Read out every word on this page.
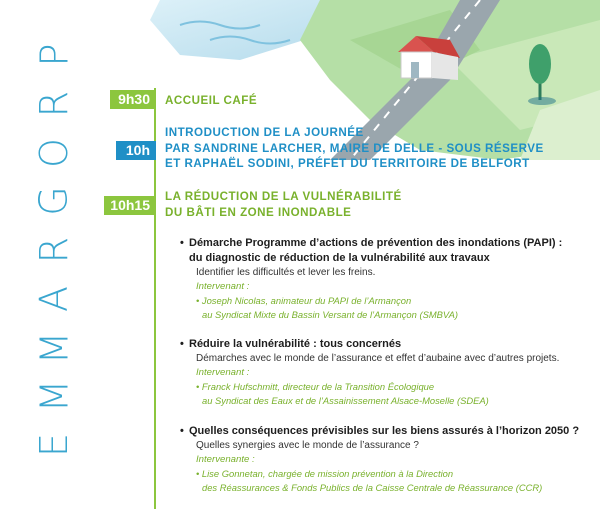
P
R
O
G
R
A
M
M
E
9h30	ACCUEIL CAFÉ
10h
INTRODUCTION DE LA JOURNÉE
PAR SANDRINE LARCHER, MAIRE DE DELLE - SOUS RÉSERVE
ET RAPHAËL SODINI, PRÉFET DU TERRITOIRE DE BELFORT
10h15
LA RÉDUCTION DE LA VULNÉRABILITÉ
DU BÂTI EN ZONE INONDABLE
• Démarche Programme d’actions de prévention des inondations (PAPI) :
du diagnostic de réduction de la vulnérabilité aux travaux
Identifier les difficultés et lever les freins.
Intervenant :
• Joseph Nicolas, animateur du PAPI de l’Armançon
au Syndicat Mixte du Bassin Versant de l’Armançon (SMBVA)
• Réduire la vulnérabilité : tous concernés
Démarches avec le monde de l’assurance et effet d’aubaine avec d’autres projets.
Intervenant :
• Franck Hufschmitt, directeur de la Transition Écologique
au Syndicat des Eaux et de l’Assainissement Alsace-Moselle (SDEA)
• Quelles conséquences prévisibles sur les biens assurés à l’horizon 2050 ?
Quelles synergies avec le monde de l’assurance ?
Intervenante :
• Lise Gonnetan, chargée de mission prévention à la Direction
des Réassurances & Fonds Publics de la Caisse Centrale de Réassurance (CCR)
